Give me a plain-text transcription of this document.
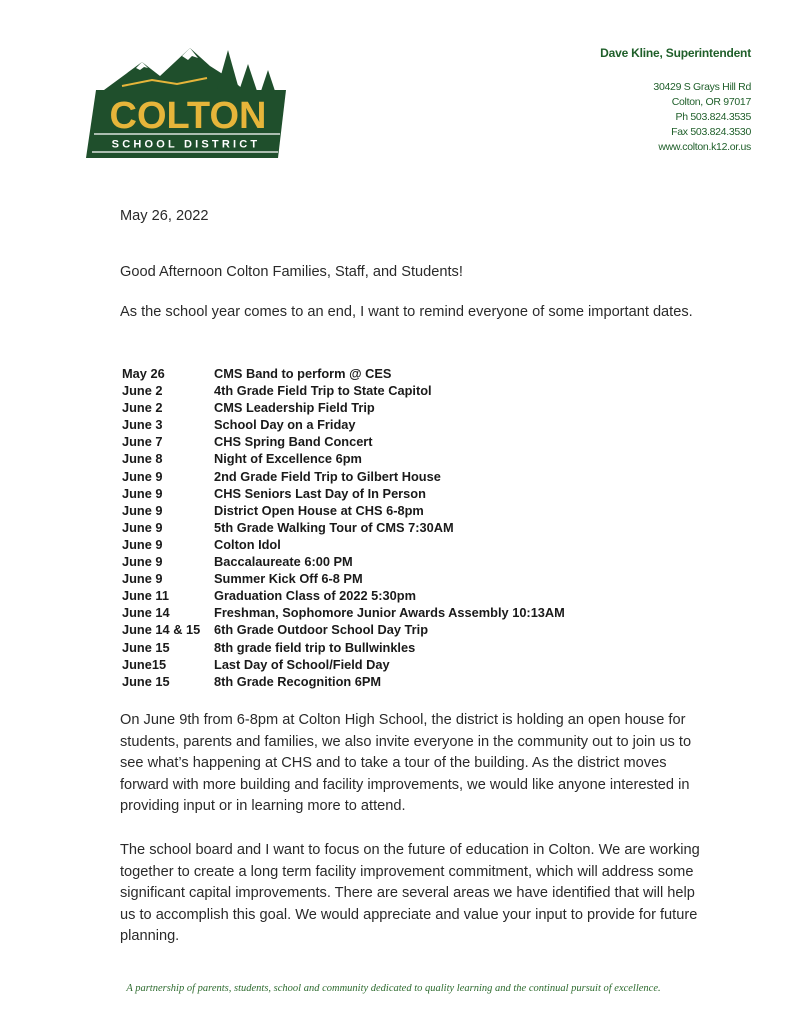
COLTON
SCHOOL DISTRICT
Dave Kline, Superintendent
30429 S Grays Hill Rd
Colton, OR 97017
Ph 503.824.3535
Fax 503.824.3530
www.colton.k12.or.us
May 26, 2022
Good Afternoon Colton Families, Staff, and Students!
As the school year comes to an end, I want to remind everyone of some important dates.
May 26	CMS Band to perform @ CES
June 2	4th Grade Field Trip to State Capitol
June 2	CMS Leadership Field Trip
June 3	School Day on a Friday
June 7	CHS Spring Band Concert
June 8	Night of Excellence 6pm
June 9	2nd Grade Field Trip to Gilbert House
June 9	CHS Seniors Last Day of In Person
June 9	District Open House at CHS 6-8pm
June 9	5th Grade Walking Tour of CMS 7:30AM
June 9	Colton Idol
June 9	Baccalaureate 6:00 PM
June 9	Summer Kick Off 6-8 PM
June 11	Graduation Class of 2022 5:30pm
June 14	Freshman, Sophomore Junior Awards Assembly 10:13AM
June 14 & 15	6th Grade Outdoor School Day Trip
June 15	8th grade field trip to Bullwinkles
June15	Last Day of School/Field Day
June 15	8th Grade Recognition 6PM
On June 9th from 6-8pm at Colton High School, the district is holding an open house for students, parents and families, we also invite everyone in the community out to join us to see what’s happening at CHS and to take a tour of the building. As the district moves forward with more building and facility improvements, we would like anyone interested in providing input or in learning more to attend.
The school board and I want to focus on the future of education in Colton. We are working together to create a long term facility improvement commitment, which will address some significant capital improvements. There are several areas we have identified that will help us to accomplish this goal. We would appreciate and value your input to provide for future planning.
A partnership of parents, students, school and community dedicated to quality learning and the continual pursuit of excellence.
